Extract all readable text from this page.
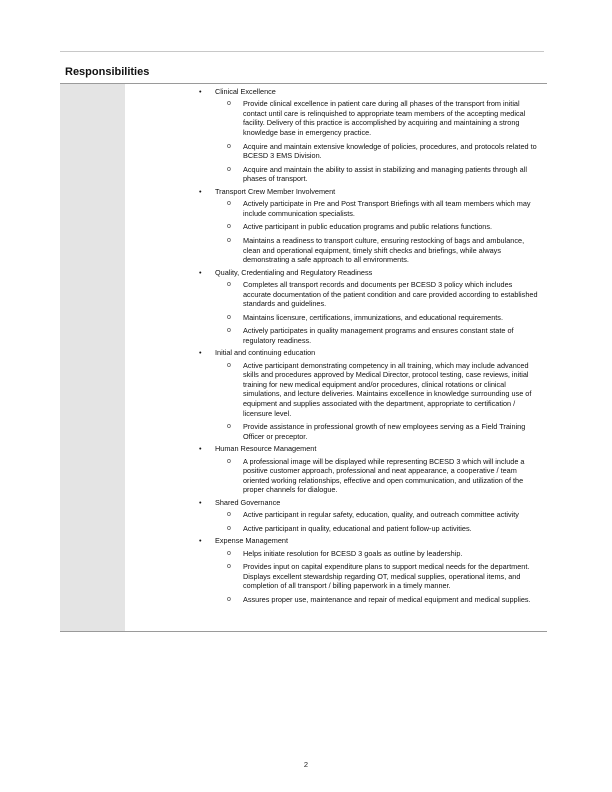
Responsibilities
• Clinical Excellence
o Provide clinical excellence in patient care during all phases of the transport from initial contact until care is relinquished to appropriate team members of the accepting medical facility. Delivery of this practice is accomplished by acquiring and maintaining a strong knowledge base in emergency practice.
o Acquire and maintain extensive knowledge of policies, procedures, and protocols related to BCESD 3 EMS Division.
o Acquire and maintain the ability to assist in stabilizing and managing patients through all phases of transport.
• Transport Crew Member Involvement
o Actively participate in Pre and Post Transport Briefings with all team members which may include communication specialists.
o Active participant in public education programs and public relations functions.
o Maintains a readiness to transport culture, ensuring restocking of bags and ambulance, clean and operational equipment, timely shift checks and briefings, while always demonstrating a safe approach to all environments.
• Quality, Credentialing and Regulatory Readiness
o Completes all transport records and documents per BCESD 3 policy which includes accurate documentation of the patient condition and care provided according to established standards and guidelines.
o Maintains licensure, certifications, immunizations, and educational requirements.
o Actively participates in quality management programs and ensures constant state of regulatory readiness.
• Initial and continuing education
o Active participant demonstrating competency in all training, which may include advanced skills and procedures approved by Medical Director, protocol testing, case reviews, initial training for new medical equipment and/or procedures, clinical rotations or clinical simulations, and lecture deliveries. Maintains excellence in knowledge surrounding use of equipment and supplies associated with the department, appropriate to certification / licensure level.
o Provide assistance in professional growth of new employees serving as a Field Training Officer or preceptor.
• Human Resource Management
o A professional image will be displayed while representing BCESD 3 which will include a positive customer approach, professional and neat appearance, a cooperative / team oriented working relationships, effective and open communication, and utilization of the proper channels for dialogue.
• Shared Governance
o Active participant in regular safety, education, quality, and outreach committee activity
o Active participant in quality, educational and patient follow-up activities.
• Expense Management
o Helps initiate resolution for BCESD 3 goals as outline by leadership.
o Provides input on capital expenditure plans to support medical needs for the department. Displays excellent stewardship regarding OT, medical supplies, operational items, and completion of all transport / billing paperwork in a timely manner.
o Assures proper use, maintenance and repair of medical equipment and medical supplies.
2
